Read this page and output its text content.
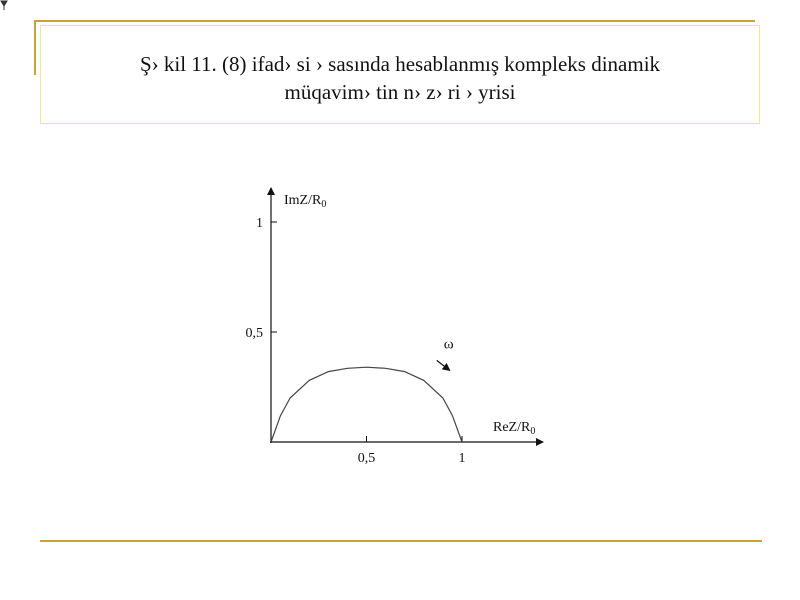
Ş› kil 11. (8) ifad› si › sasında hesablanmış kompleks dinamik
müqavim› tin n› z› ri › yrisi
0,5	1
0,5
1
ImZ/$R_0$
ReZ/$R_0$
ω
